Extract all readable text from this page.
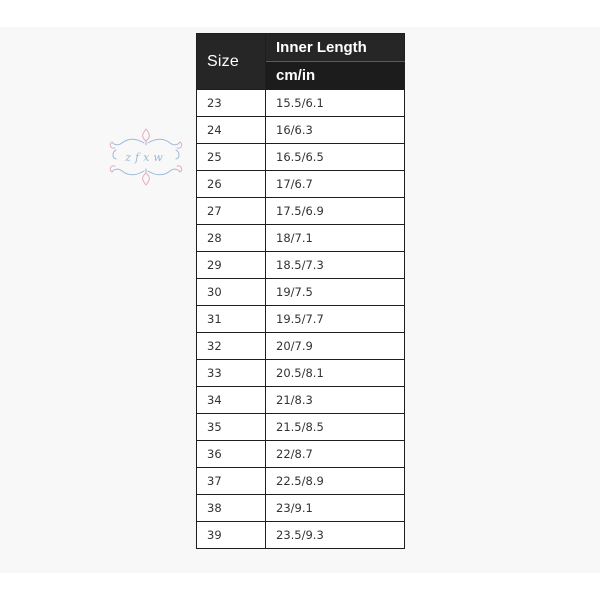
zfxw
Size	Inner Length
	cm/in
23	15.5/6.1
24	16/6.3
25	16.5/6.5
26	17/6.7
27	17.5/6.9
28	18/7.1
29	18.5/7.3
30	19/7.5
31	19.5/7.7
32	20/7.9
33	20.5/8.1
34	21/8.3
35	21.5/8.5
36	22/8.7
37	22.5/8.9
38	23/9.1
39	23.5/9.3
